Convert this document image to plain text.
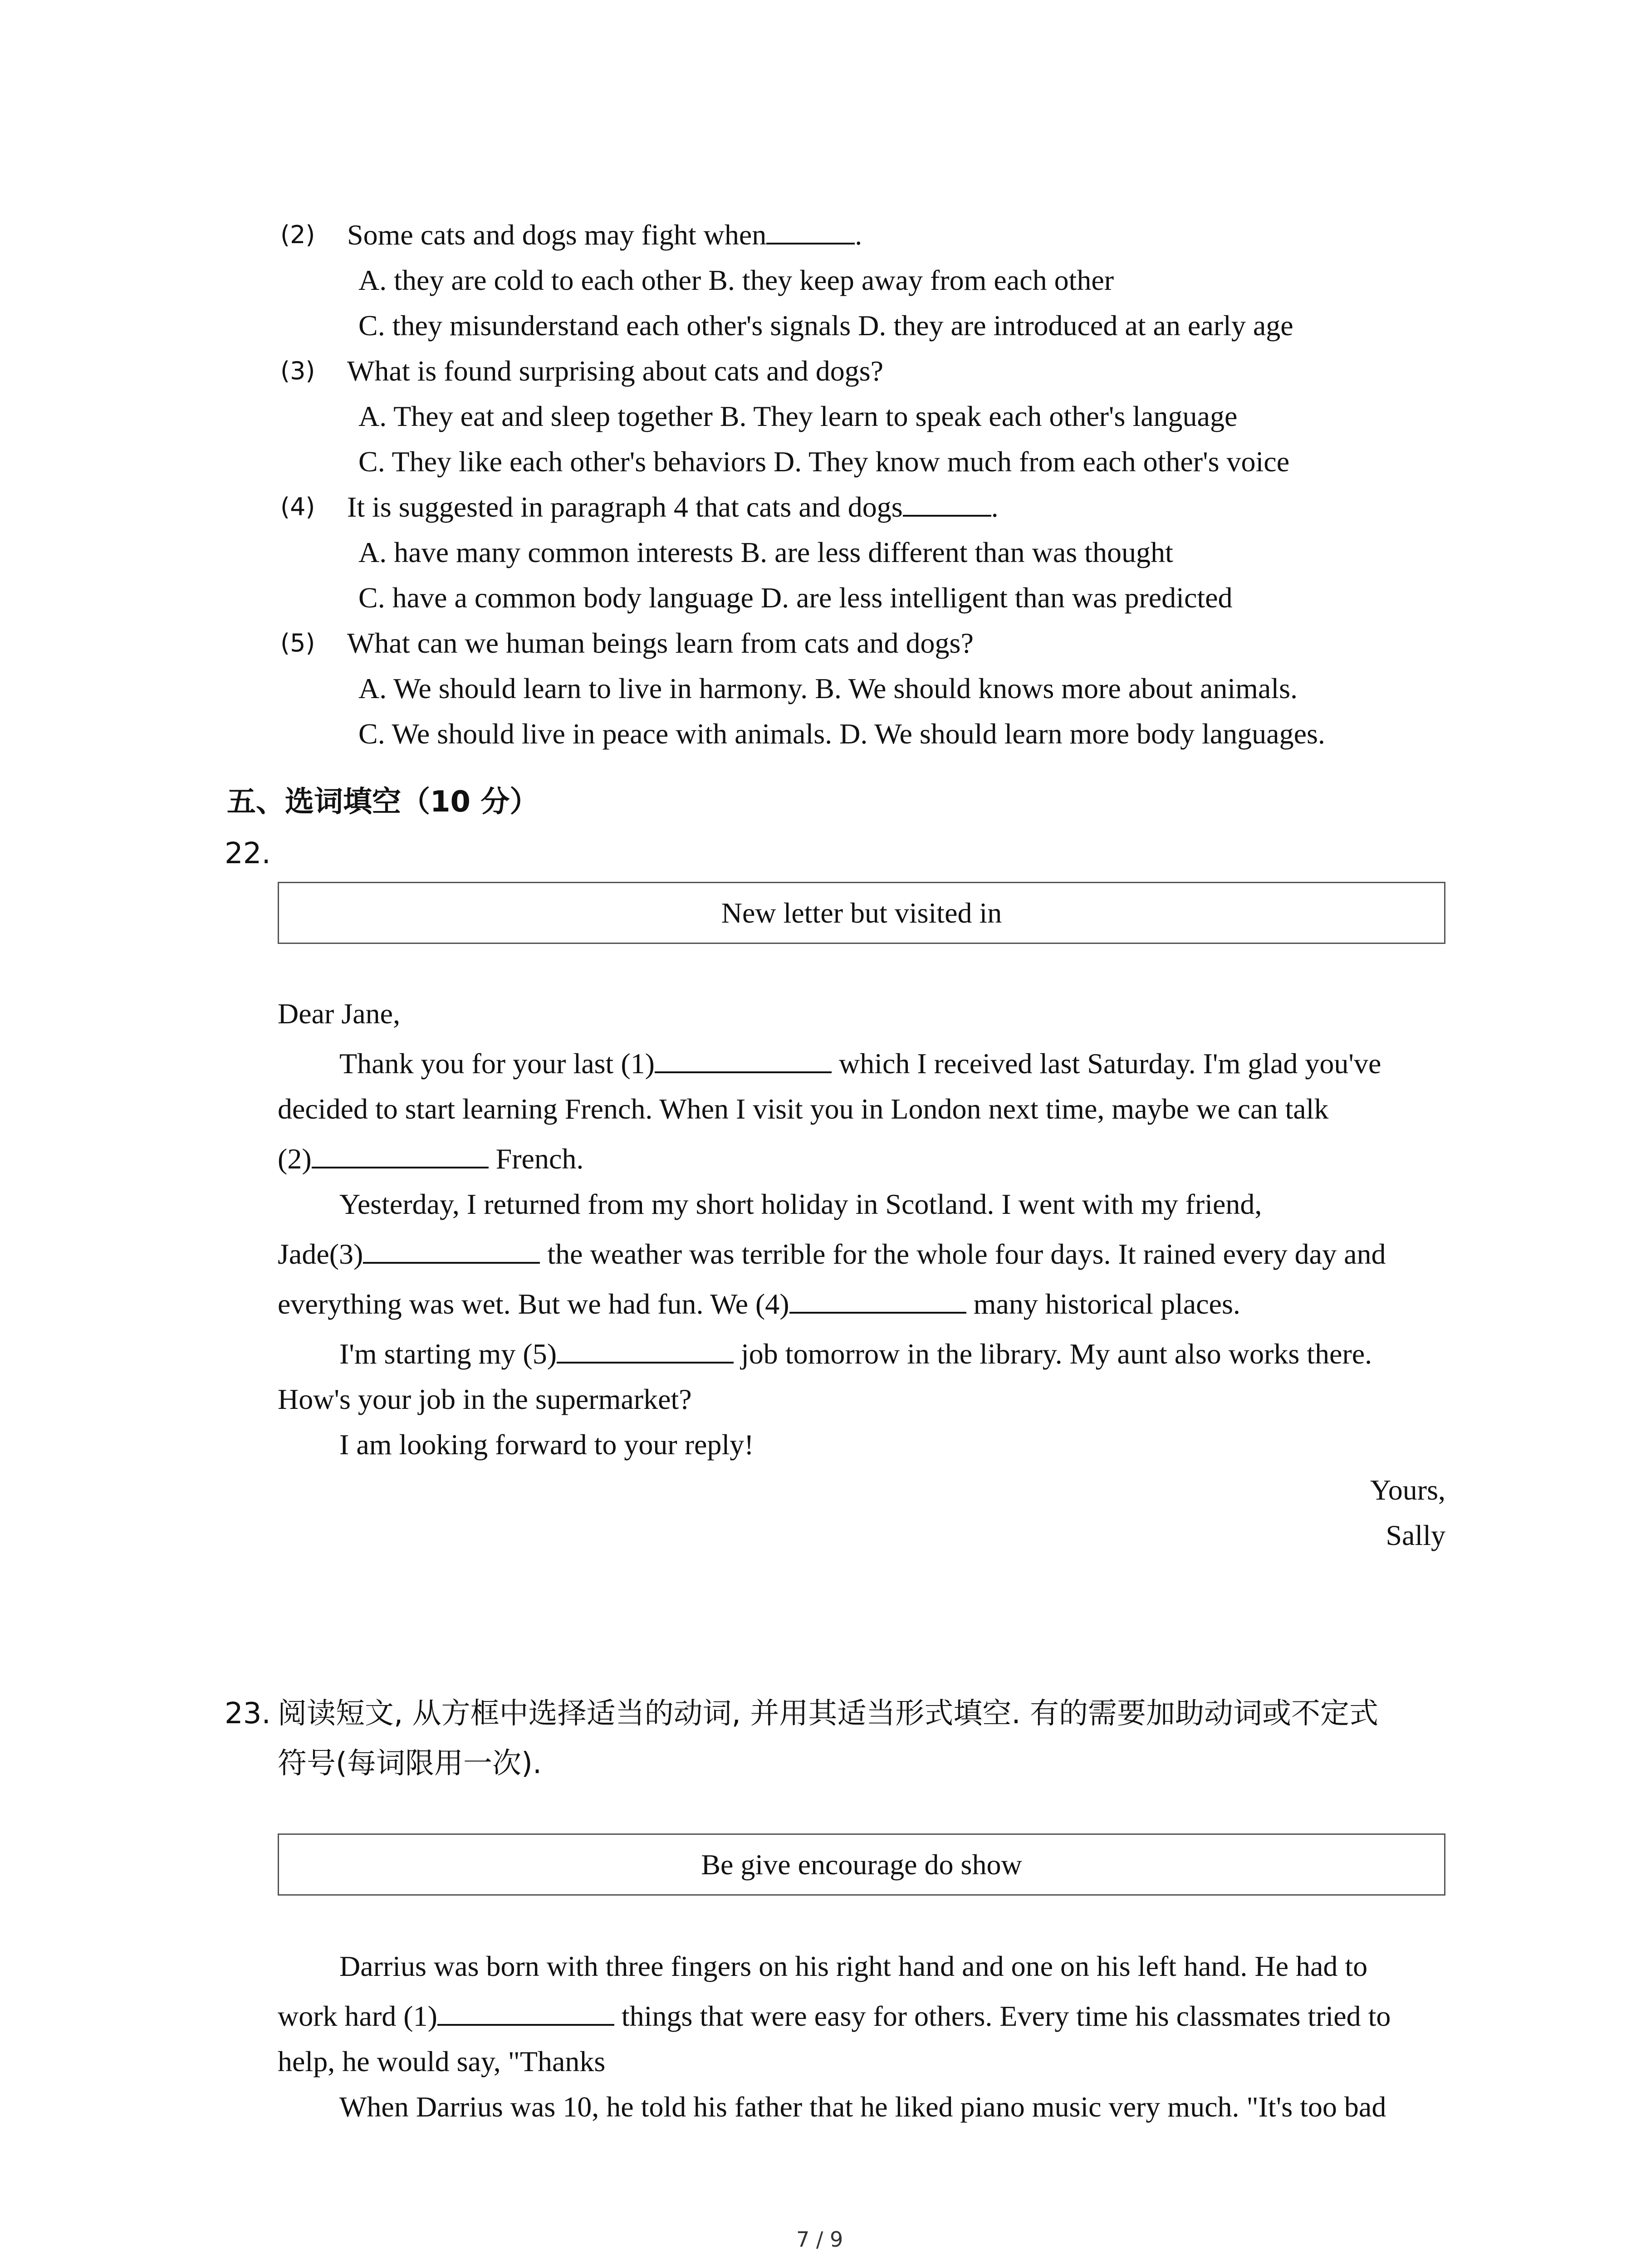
(2) Some cats and dogs may fight when	.
A. they are cold to each other B. they keep away from each other
C. they misunderstand each other's signals D. they are introduced at an early age
(3) What is found surprising about cats and dogs?
A. They eat and sleep together B. They learn to speak each other's language
C. They like each other's behaviors D. They know much from each other's voice
(4) It is suggested in paragraph 4 that cats and dogs	.
A. have many common interests B. are less different than was thought
C. have a common body language D. are less intelligent than was predicted
(5) What can we human beings learn from cats and dogs?
A. We should learn to live in harmony. B. We should knows more about animals.
C. We should live in peace with animals. D. We should learn more body languages.
五、选词填空（10 分）
22.
New letter but visited in
Dear Jane,
Thank you for your last (1)	which I received last Saturday. I'm glad you've
decided to start learning French. When I visit you in London next time, maybe we can talk
(2)	French.
Yesterday, I returned from my short holiday in Scotland. I went with my friend,
Jade(3)	the weather was terrible for the whole four days. It rained every day and
everything was wet. But we had fun. We (4)	many historical places.
I'm starting my (5)	job tomorrow in the library. My aunt also works there.
How's your job in the supermarket?
I am looking forward to your reply!
Yours,
Sally
23. 阅读短文, 从方框中选择适当的动词, 并用其适当形式填空. 有的需要加助动词或不定式
符号(每词限用一次).
Be give encourage do show
Darrius was born with three fingers on his right hand and one on his left hand. He had to
work hard (1)	things that were easy for others. Every time his classmates tried to
help, he would say, "Thanks
When Darrius was 10, he told his father that he liked piano music very much. "It's too bad
7 / 9
